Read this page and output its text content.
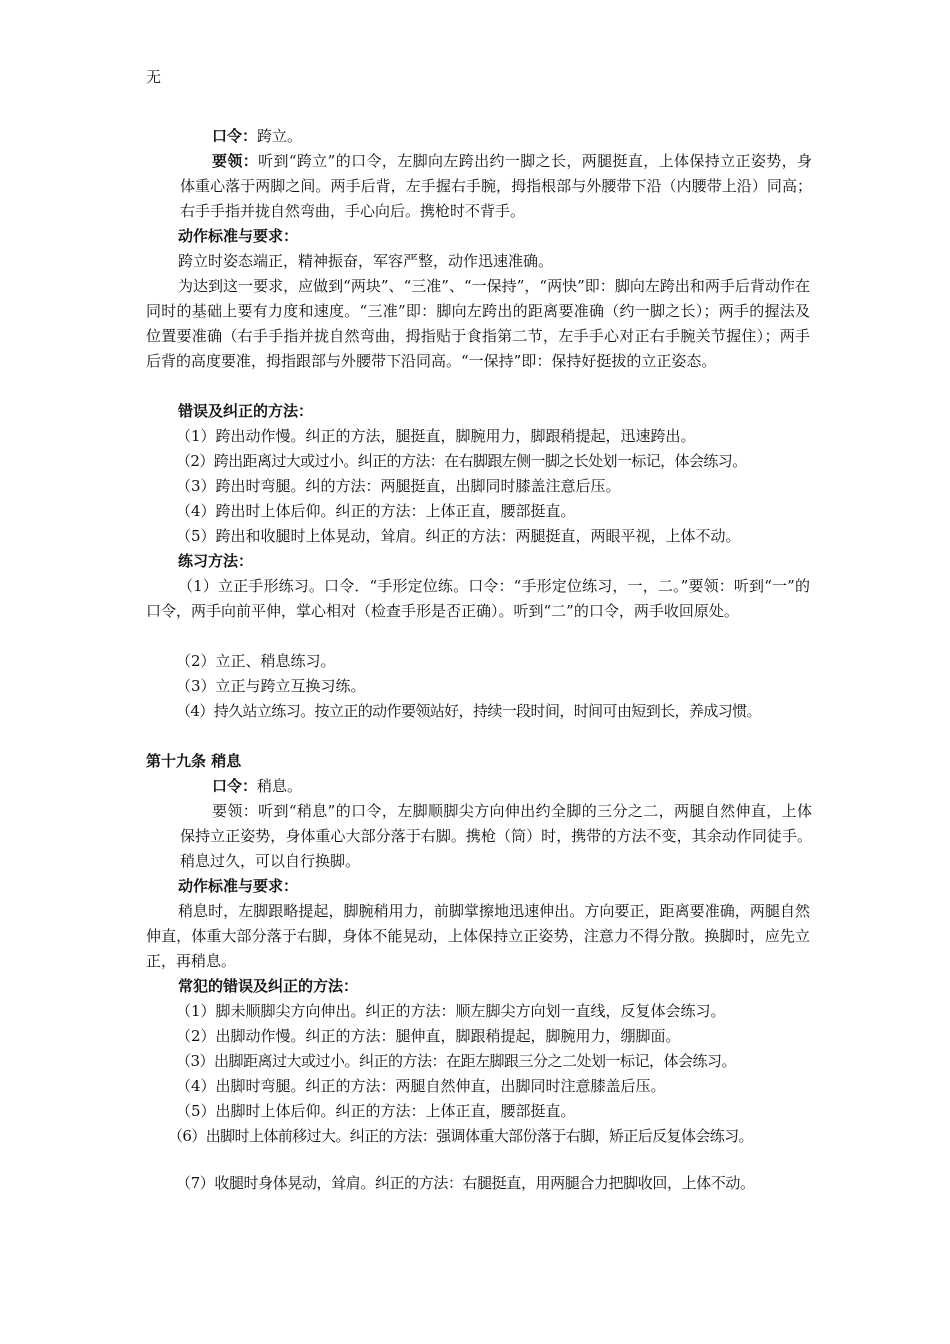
无
口令：跨立。
要领：听到“跨立”的口令，左脚向左跨出约一脚之长，两腿挺直，上体保持立正姿势，身体重心落于两脚之间。两手后背，左手握右手腕，拇指根部与外腰带下沿（内腰带上沿）同高；右手手指并拢自然弯曲，手心向后。携枪时不背手。
动作标准与要求：
跨立时姿态端正，精神振奋，军容严整，动作迅速准确。
为达到这一要求，应做到“两块”、“三准”、“一保持”，“两快”即：脚向左跨出和两手后背动作在同时的基础上要有力度和速度。“三准”即：脚向左跨出的距离要准确（约一脚之长）；两手的握法及位置要准确（右手手指并拢自然弯曲，拇指贴于食指第二节，左手手心对正右手腕关节握住）；两手后背的高度要准，拇指跟部与外腰带下沿同高。“一保持”即：保持好挺拔的立正姿态。
错误及纠正的方法：
（1）跨出动作慢。纠正的方法，腿挺直，脚腕用力，脚跟稍提起，迅速跨出。
（2）跨出距离过大或过小。纠正的方法：在右脚跟左侧一脚之长处划一标记，体会练习。
（3）跨出时弯腿。纠的方法：两腿挺直，出脚同时膝盖注意后压。
（4）跨出时上体后仰。纠正的方法：上体正直，腰部挺直。
（5）跨出和收腿时上体晃动，耸肩。纠正的方法：两腿挺直，两眼平视，上体不动。
练习方法：
（1）立正手形练习。口令．“手形定位练。口令：“手形定位练习，一，二。”要领：听到“一”的口令，两手向前平伸，掌心相对（检查手形是否正确）。听到“二”的口令，两手收回原处。
（2）立正、稍息练习。
（3）立正与跨立互换习练。
（4）持久站立练习。按立正的动作要领站好，持续一段时间，时间可由短到长，养成习惯。
第十九条 稍息
口令：稍息。
要领：听到“稍息”的口令，左脚顺脚尖方向伸出约全脚的三分之二，两腿自然伸直，上体保持立正姿势，身体重心大部分落于右脚。携枪（筒）时，携带的方法不变，其余动作同徒手。稍息过久，可以自行换脚。
动作标准与要求：
稍息时，左脚跟略提起，脚腕稍用力，前脚掌擦地迅速伸出。方向要正，距离要准确，两腿自然伸直，体重大部分落于右脚，身体不能晃动，上体保持立正姿势，注意力不得分散。换脚时，应先立正，再稍息。
常犯的错误及纠正的方法：
（1）脚未顺脚尖方向伸出。纠正的方法：顺左脚尖方向划一直线，反复体会练习。
（2）出脚动作慢。纠正的方法：腿伸直，脚跟稍提起，脚腕用力，绷脚面。
（3）出脚距离过大或过小。纠正的方法：在距左脚跟三分之二处划一标记，体会练习。
（4）出脚时弯腿。纠正的方法：两腿自然伸直，出脚同时注意膝盖后压。
（5）出脚时上体后仰。纠正的方法：上体正直，腰部挺直。
（6）出脚时上体前移过大。纠正的方法：强调体重大部份落于右脚，矫正后反复体会练习。
（7）收腿时身体晃动，耸肩。纠正的方法：右腿挺直，用两腿合力把脚收回，上体不动。
